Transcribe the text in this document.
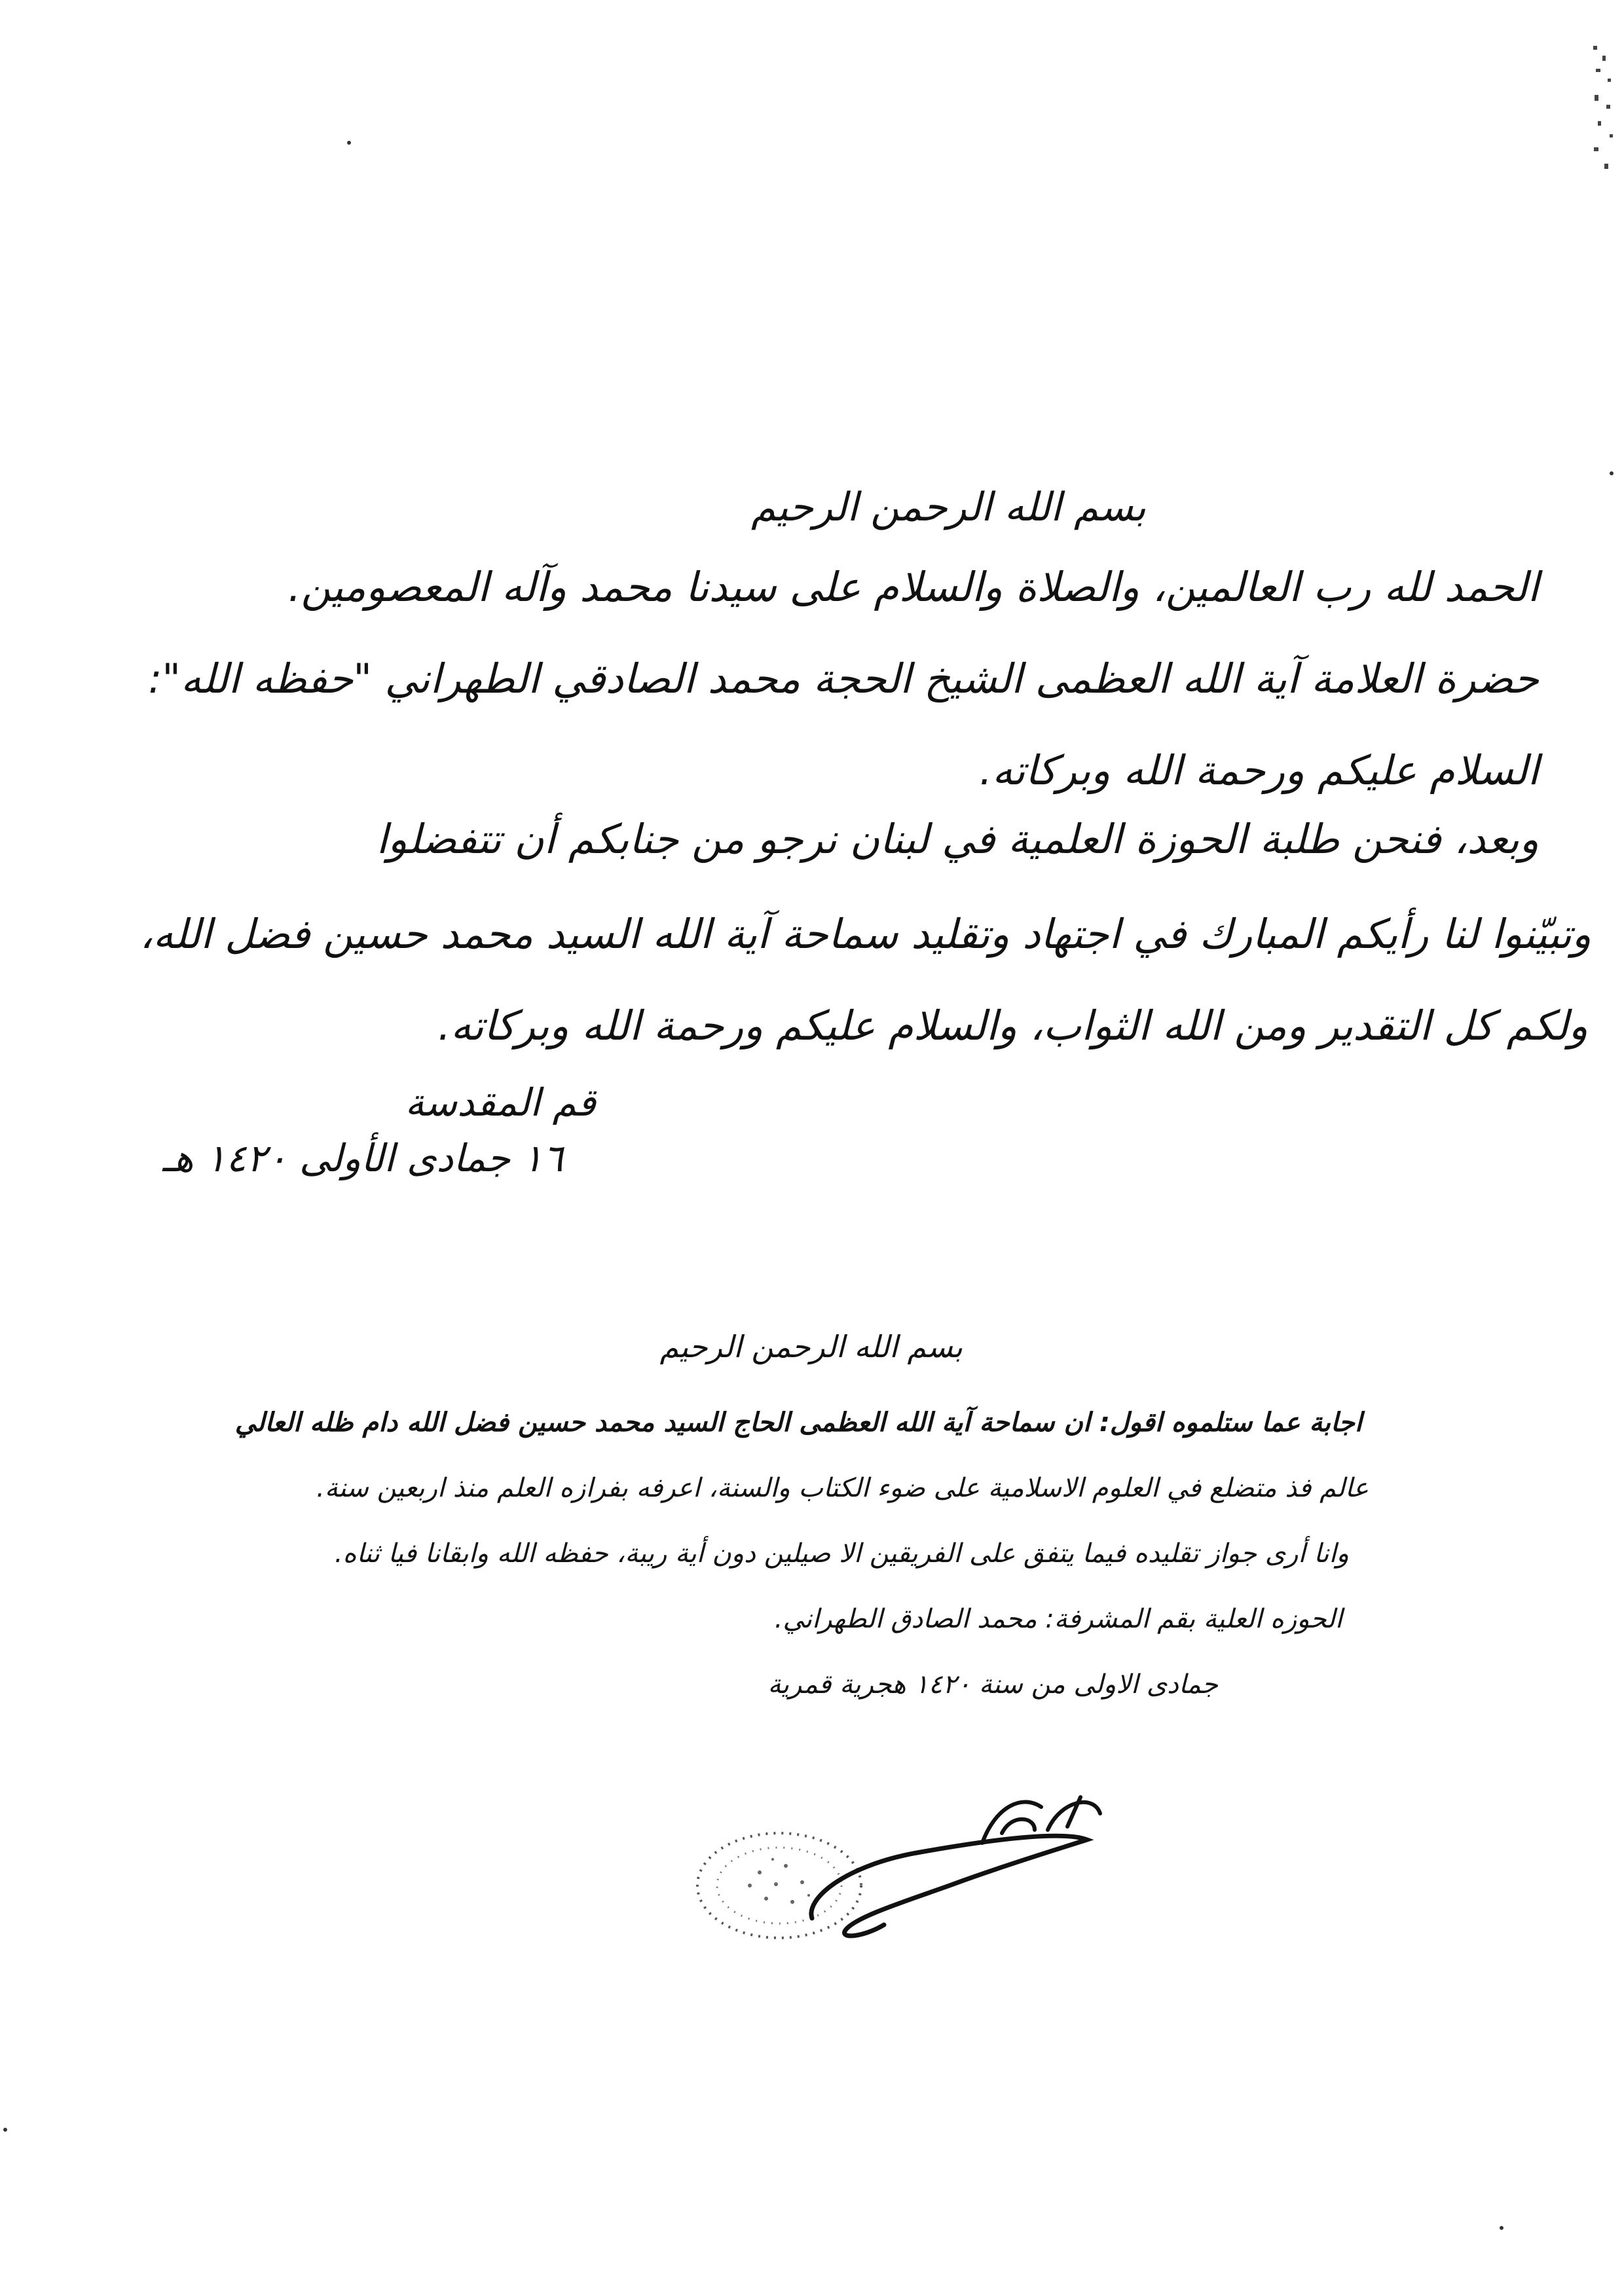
بسم الله الرحمن الرحيم
الحمد لله رب العالمين، والصلاة والسلام على سيدنا محمد وآله المعصومين.
حضرة العلامة آية الله العظمى الشيخ الحجة محمد الصادقي الطهراني "حفظه الله":
السلام عليكم ورحمة الله وبركاته.
وبعد، فنحن طلبة الحوزة العلمية في لبنان نرجو من جنابكم أن تتفضلوا
وتبيّنوا لنا رأيكم المبارك في اجتهاد وتقليد سماحة آية الله السيد محمد حسين فضل الله،
ولكم كل التقدير ومن الله الثواب، والسلام عليكم ورحمة الله وبركاته.
قم المقدسة
١٦ جمادى الأولى ١٤٢٠ هـ
بسم الله الرحمن الرحيم
اجابة عما ستلموه اقول: ان سماحة آية الله العظمى الحاج السيد محمد حسين فضل الله دام ظله العالي
عالم فذ متضلع في العلوم الاسلامية على ضوء الكتاب والسنة، اعرفه بفرازه العلم منذ اربعين سنة.
وانا أرى جواز تقليده فيما يتفق على الفريقين الا صيلين دون أية ريبة، حفظه الله وابقانا فيا ثناه.
الحوزه العلية بقم المشرفة: محمد الصادق الطهراني.
جمادى الاولى من سنة ١٤٢٠ هجرية قمرية
